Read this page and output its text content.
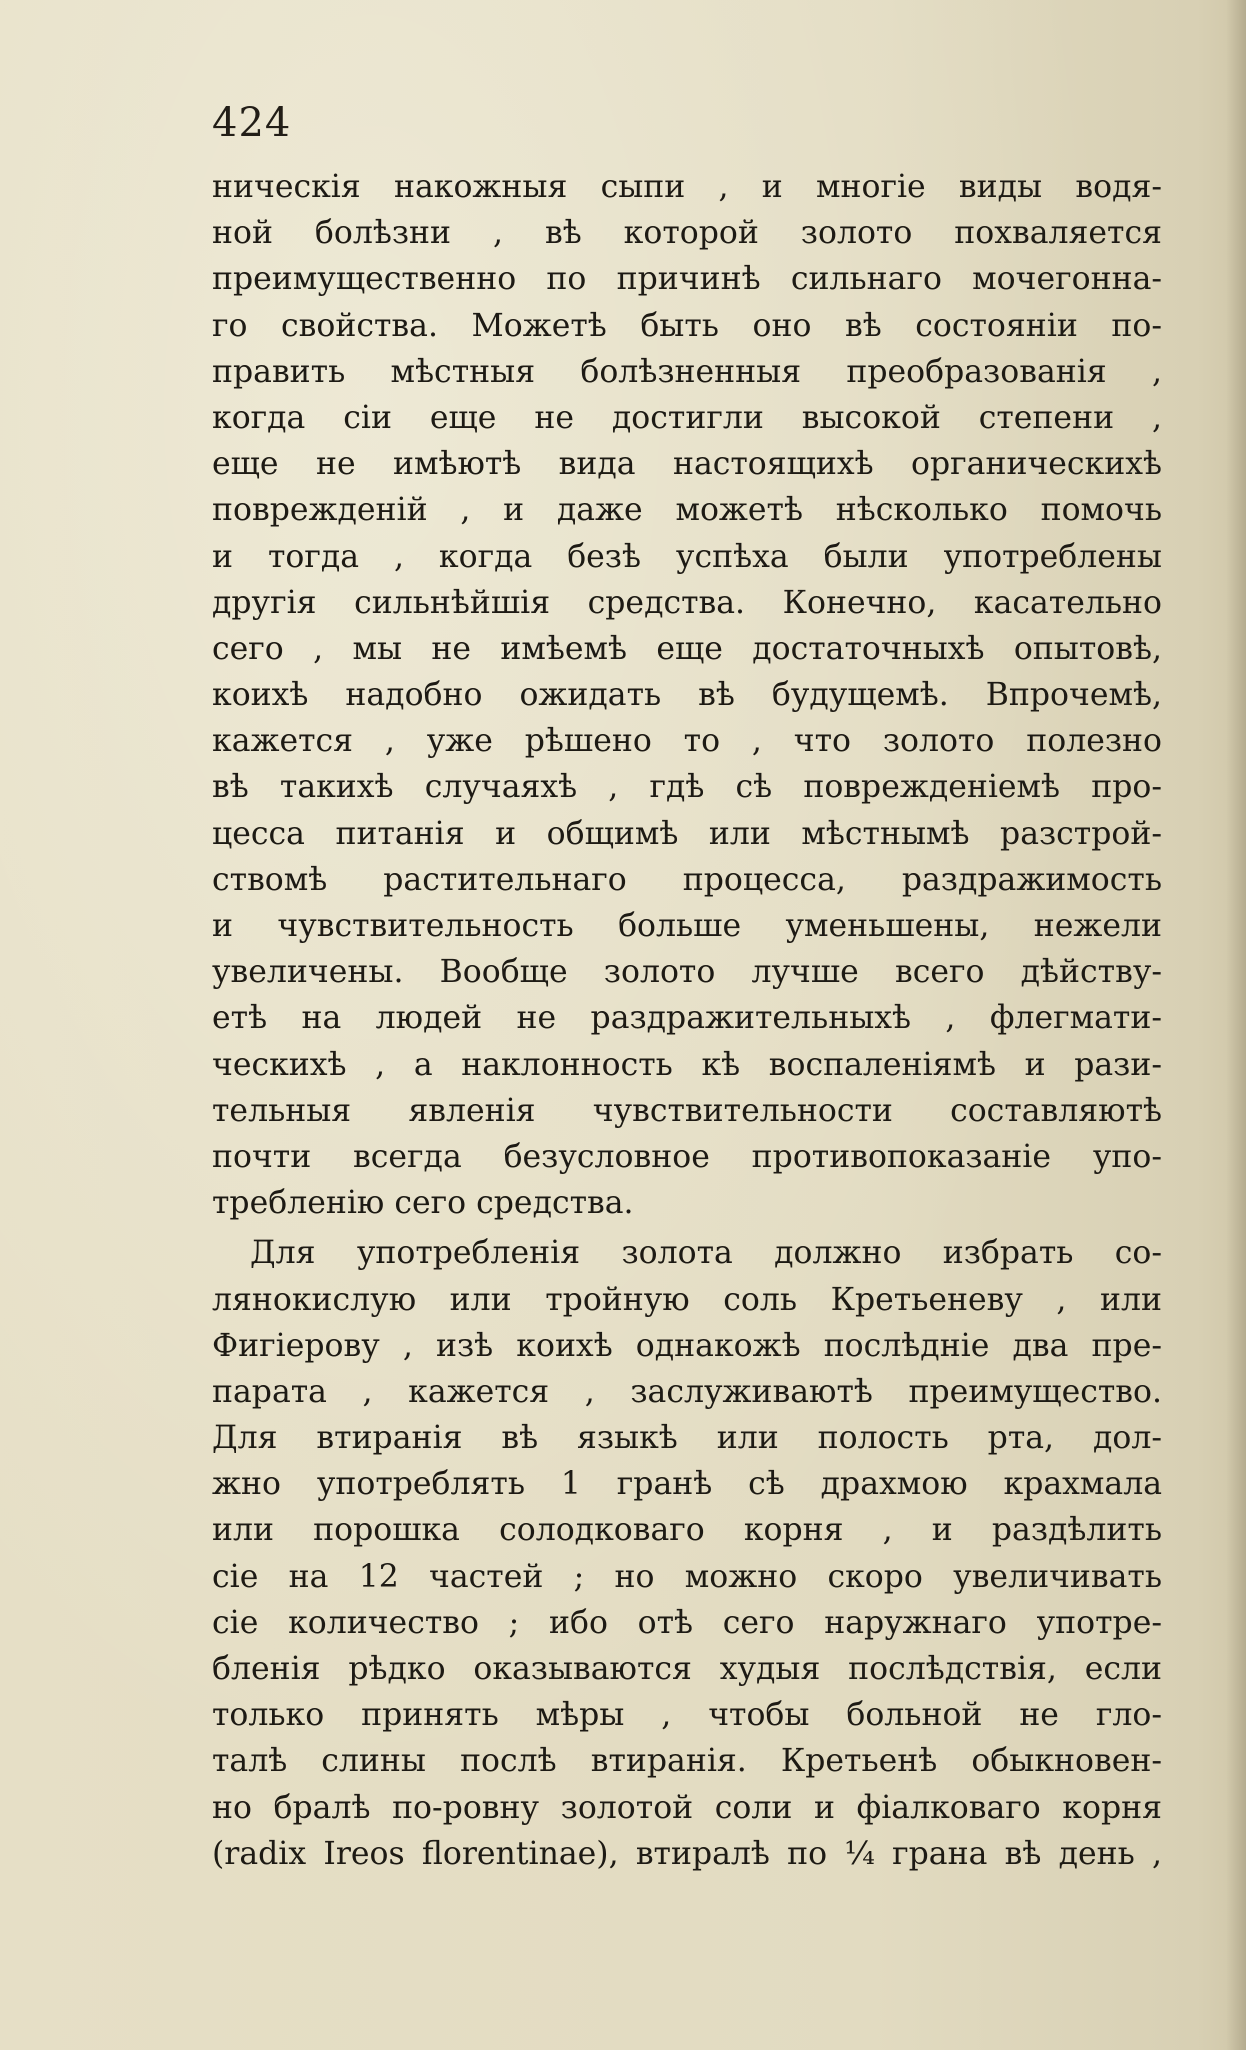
424
ническія накожныя сыпи , и многіе виды водя-
ной болѣзни , вѣ которой золото похваляется
преимущественно по причинѣ сильнаго мочегонна-
го свойства. Можетѣ быть оно вѣ состояніи по-
править мѣстныя болѣзненныя преобразованія ,
когда сіи еще не достигли высокой степени ,
еще не имѣютѣ вида настоящихѣ органическихѣ
поврежденій , и даже можетѣ нѣсколько помочь
и тогда , когда безѣ успѣха были употреблены
другія сильнѣйшія средства. Конечно, касательно
сего , мы не имѣемѣ еще достаточныхѣ опытовѣ,
коихѣ надобно ожидать вѣ будущемѣ. Впрочемѣ,
кажется , уже рѣшено то , что золото полезно
вѣ такихѣ случаяхѣ , гдѣ сѣ поврежденіемѣ про-
цесса питанія и общимѣ или мѣстнымѣ разстрой-
ствомѣ растительнаго процесса, раздражимость
и чувствительность больше уменьшены, нежели
увеличены. Вообще золото лучше всего дѣйству-
етѣ на людей не раздражительныхѣ , флегмати-
ческихѣ , а наклонность кѣ воспаленіямѣ и рази-
тельныя явленія чувствительности составляютѣ
почти всегда безусловное противопоказаніе упо-
требленію сего средства.
Для употребленія золота должно избрать со-
лянокислую или тройную соль Кретьеневу , или
Фигіерову , изѣ коихѣ однакожѣ послѣдніе два пре-
парата , кажется , заслуживаютѣ преимущество.
Для втиранія вѣ языкѣ или полость рта, дол-
жно употреблять 1 гранѣ сѣ драхмою крахмала
или порошка солодковаго корня , и раздѣлить
сіе на 12 частей ; но можно скоро увеличивать
сіе количество ; ибо отѣ сего наружнаго употре-
бленія рѣдко оказываются худыя послѣдствія, если
только принять мѣры , чтобы больной не гло-
талѣ слины послѣ втиранія. Кретьенѣ обыкновен-
но бралѣ по-ровну золотой соли и фіалковаго корня
(radix Ireos florentinae), втиралѣ по ¼ грана вѣ день ,
